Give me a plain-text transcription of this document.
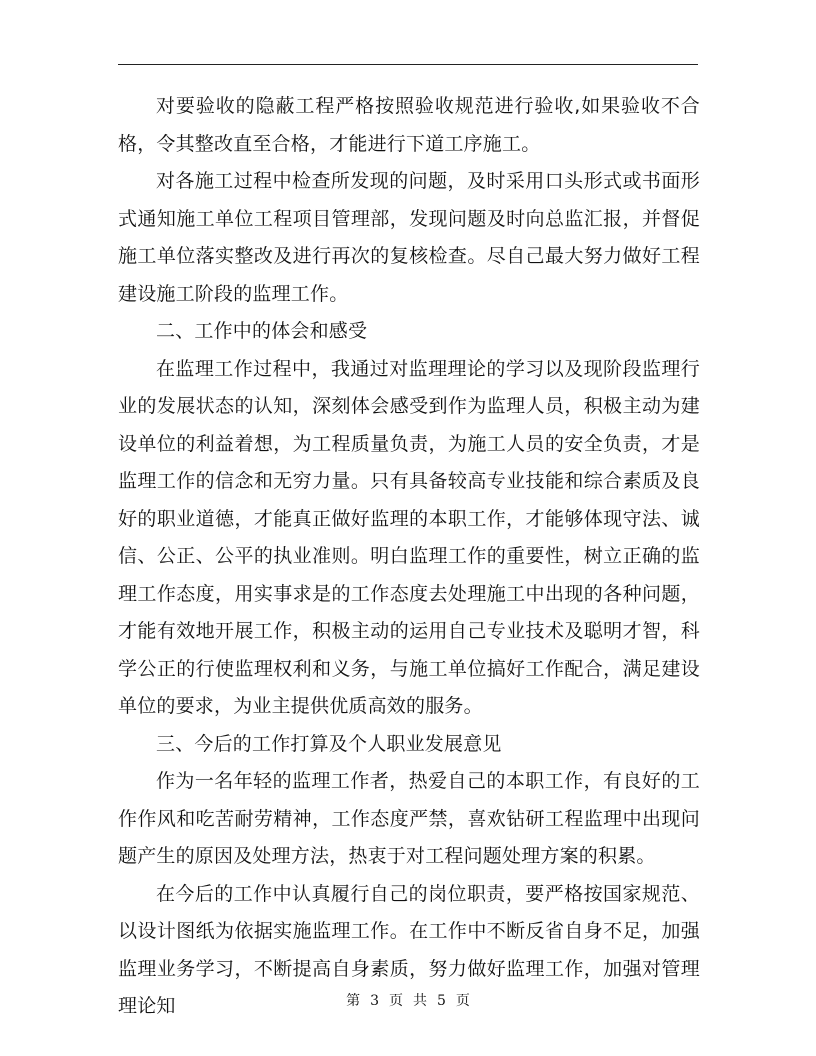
对要验收的隐蔽工程严格按照验收规范进行验收,如果验收不合格，令其整改直至合格，才能进行下道工序施工。

对各施工过程中检查所发现的问题，及时采用口头形式或书面形式通知施工单位工程项目管理部，发现问题及时向总监汇报，并督促施工单位落实整改及进行再次的复核检查。尽自己最大努力做好工程建设施工阶段的监理工作。

二、工作中的体会和感受

在监理工作过程中，我通过对监理理论的学习以及现阶段监理行业的发展状态的认知，深刻体会感受到作为监理人员，积极主动为建设单位的利益着想，为工程质量负责，为施工人员的安全负责，才是监理工作的信念和无穷力量。只有具备较高专业技能和综合素质及良好的职业道德，才能真正做好监理的本职工作，才能够体现守法、诚信、公正、公平的执业准则。明白监理工作的重要性，树立正确的监理工作态度，用实事求是的工作态度去处理施工中出现的各种问题，才能有效地开展工作，积极主动的运用自己专业技术及聪明才智，科学公正的行使监理权利和义务，与施工单位搞好工作配合，满足建设单位的要求，为业主提供优质高效的服务。

三、今后的工作打算及个人职业发展意见

作为一名年轻的监理工作者，热爱自己的本职工作，有良好的工作作风和吃苦耐劳精神，工作态度严禁，喜欢钻研工程监理中出现问题产生的原因及处理方法，热衷于对工程问题处理方案的积累。

在今后的工作中认真履行自己的岗位职责，要严格按国家规范、以设计图纸为依据实施监理工作。在工作中不断反省自身不足，加强监理业务学习，不断提高自身素质，努力做好监理工作，加强对管理理论知	第 3 页 共 5 页
